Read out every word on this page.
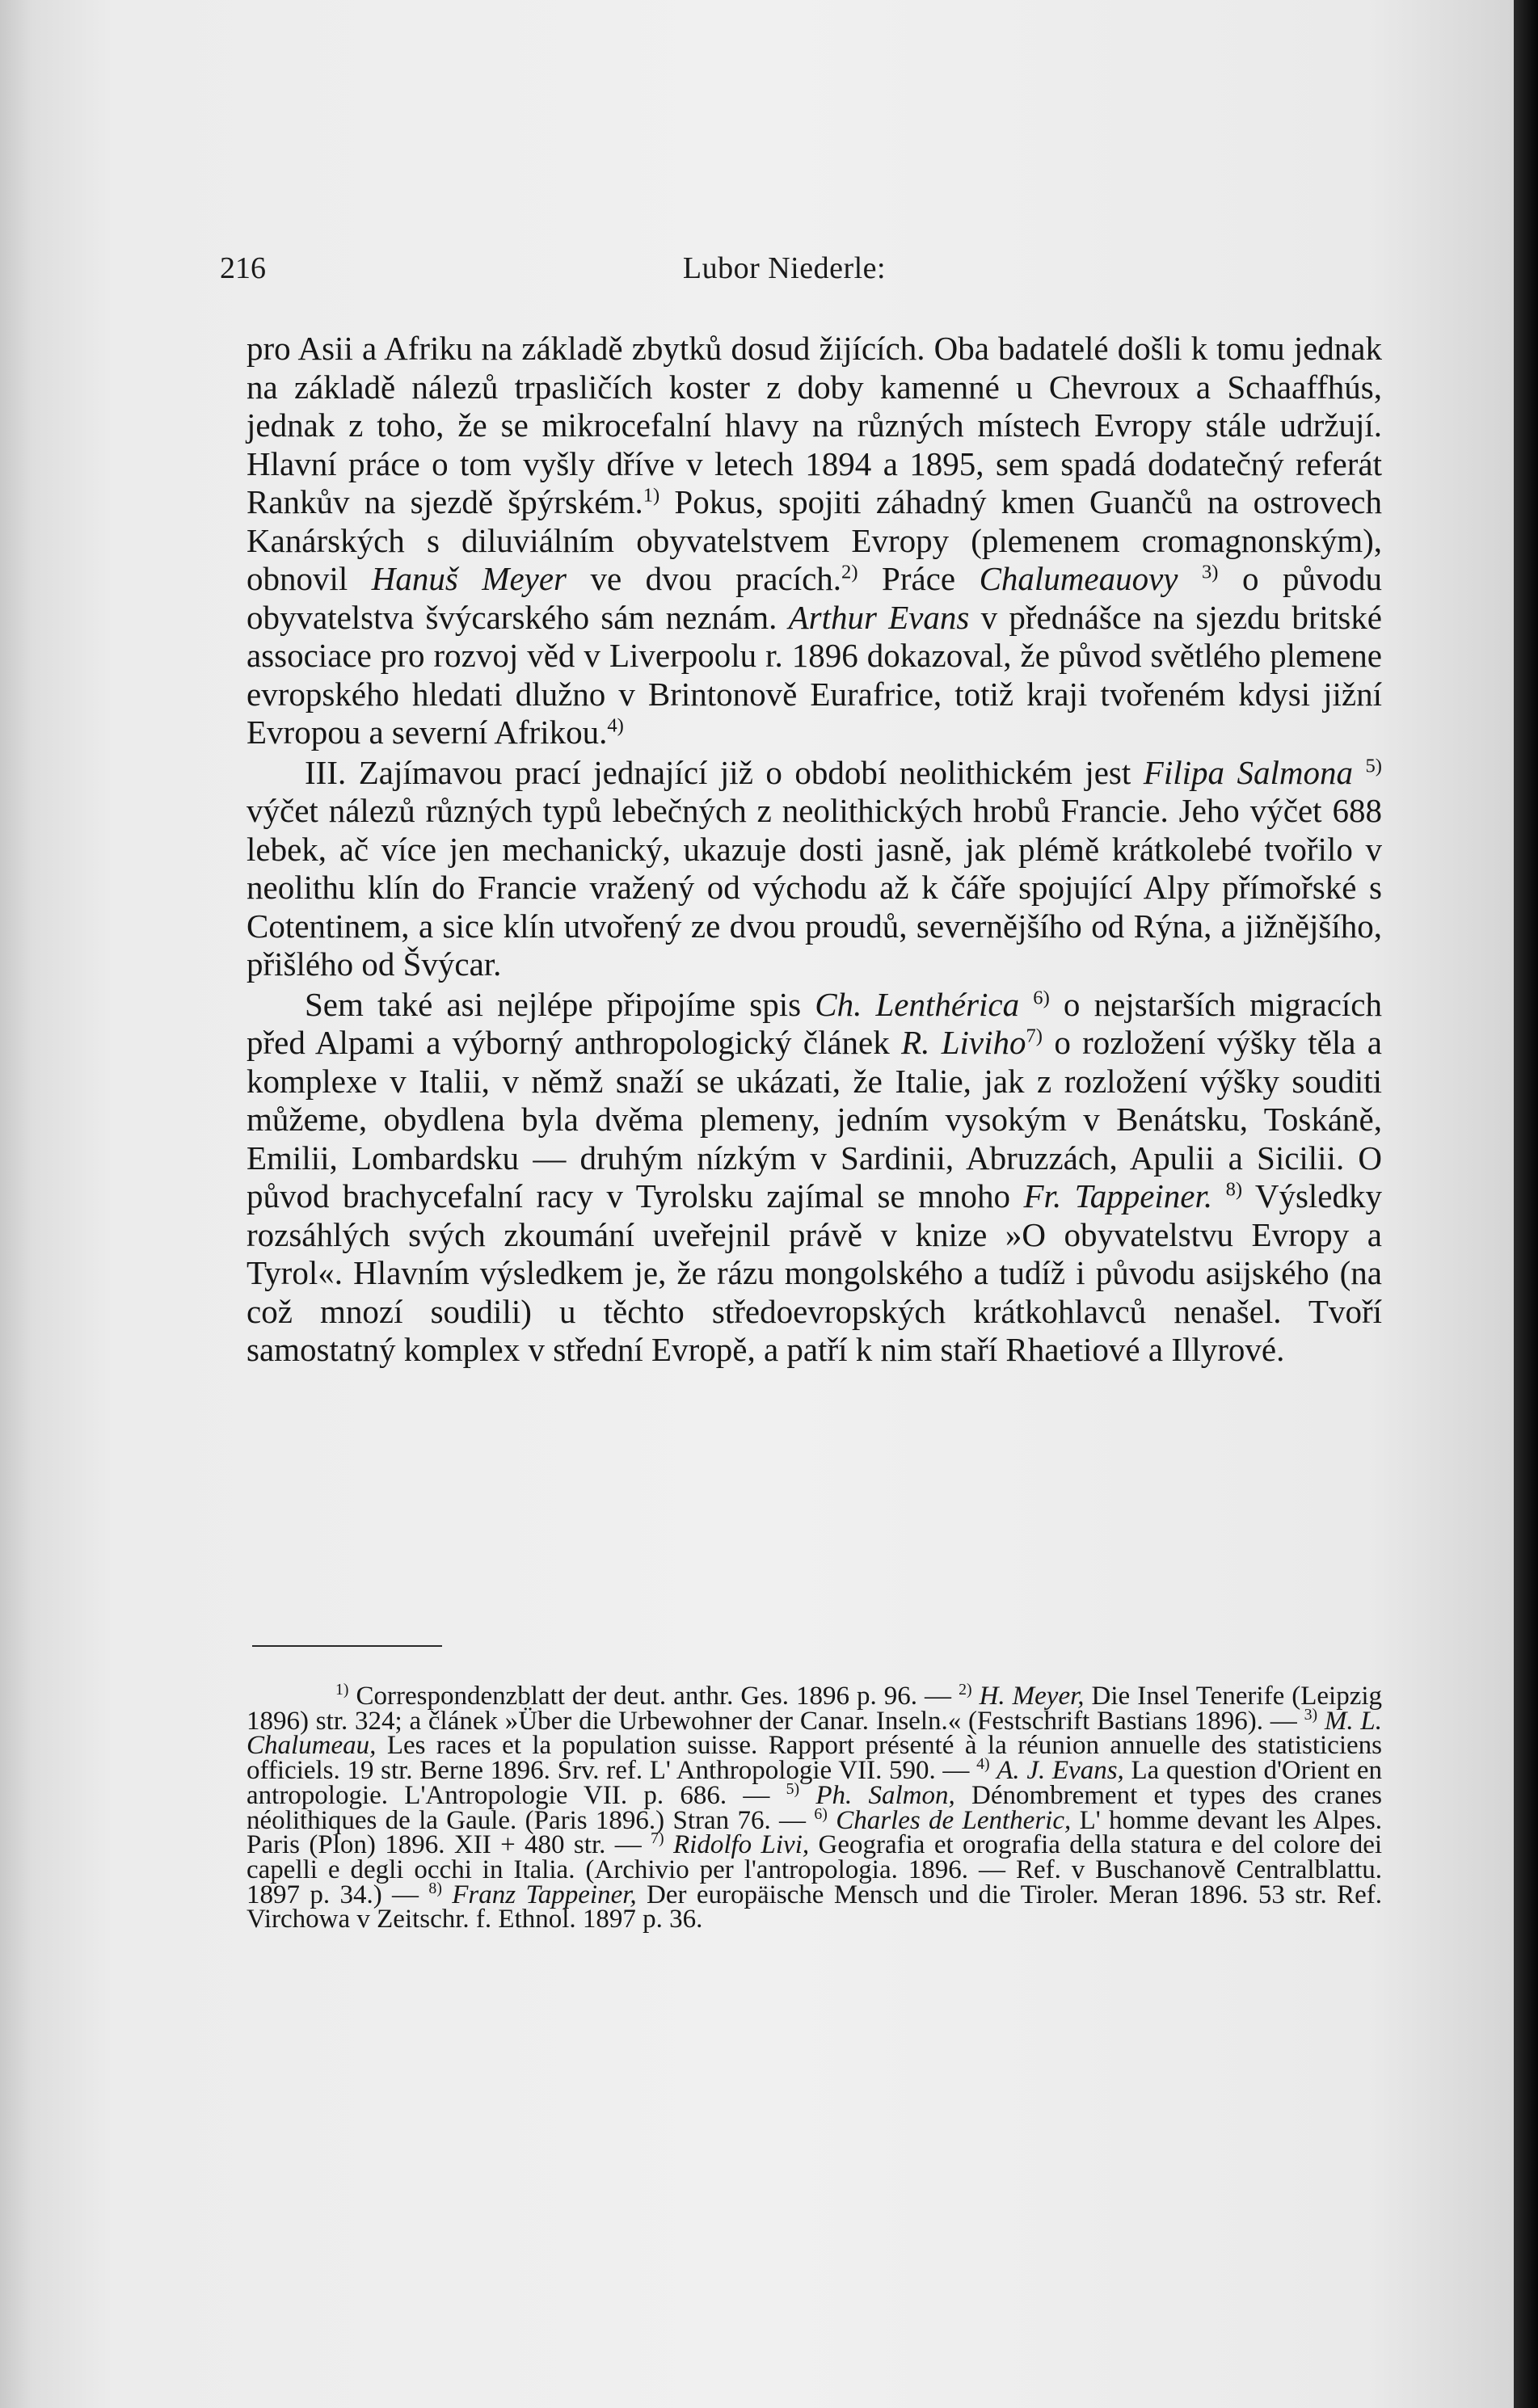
216	Lubor Niederle:

pro Asii a Afriku na základě zbytků dosud žijících. Oba badatelé došli k tomu jednak na základě nálezů trpasličích koster z doby kamenné u Chevroux a Schaaffhús, jednak z toho, že se mikrocefalní hlavy na různých místech Evropy stále udržují. Hlavní práce o tom vyšly dříve v letech 1894 a 1895, sem spadá dodatečný referát Rankův na sjezdě špýrském.$^{1)}$ Pokus, spojiti záhadný kmen Guančů na ostrovech Kanárských s diluviálním obyvatelstvem Evropy (plemenem cromagnonským), obnovil Hanuš Meyer ve dvou pracích.$^{2)}$ Práce Chalumeauovy $^{3)}$ o původu obyvatelstva švýcarského sám neznám. Arthur Evans v přednášce na sjezdu britské associace pro rozvoj věd v Liverpoolu r. 1896 dokazoval, že původ světlého plemene evropského hledati dlužno v Brintonově Eurafrice, totiž kraji tvořeném kdysi jižní Evropou a severní Afrikou.$^{4)}$

III. Zajímavou prací jednající již o období neolithickém jest Filipa Salmona $^{5)}$ výčet nálezů různých typů lebečných z neolithických hrobů Francie. Jeho výčet 688 lebek, ač více jen mechanický, ukazuje dosti jasně, jak plémě krátkolebé tvořilo v neolithu klín do Francie vražený od východu až k čáře spojující Alpy přímořské s Cotentinem, a sice klín utvořený ze dvou proudů, severnějšího od Rýna, a jižnějšího, přišlého od Švýcar.

Sem také asi nejlépe připojíme spis Ch. Lenthérica $^{6)}$ o nejstarších migracích před Alpami a výborný anthropologický článek R. Liviho$^{7)}$ o rozložení výšky těla a komplexe v Italii, v němž snaží se ukázati, že Italie, jak z rozložení výšky souditi můžeme, obydlena byla dvěma plemeny, jedním vysokým v Benátsku, Toskáně, Emilii, Lombardsku — druhým nízkým v Sardinii, Abruzzách, Apulii a Sicilii. O původ brachycefalní racy v Tyrolsku zajímal se mnoho Fr. Tappeiner. $^{8)}$ Výsledky rozsáhlých svých zkoumání uveřejnil právě v knize »O obyvatelstvu Evropy a Tyrol«. Hlavním výsledkem je, že rázu mongolského a tudíž i původu asijského (na což mnozí soudili) u těchto středoevropských krátkohlavců nenašel. Tvoří samostatný komplex v střední Evropě, a patří k nim staří Rhaetiové a Illyrové.

$^{1)}$ Correspondenzblatt der deut. anthr. Ges. 1896 p. 96. — $^{2)}$ H. Meyer, Die Insel Tenerife (Leipzig 1896) str. 324; a článek »Über die Urbewohner der Canar. Inseln.« (Festschrift Bastians 1896). — $^{3)}$ M. L. Chalumeau, Les races et la population suisse. Rapport présenté à la réunion annuelle des statisticiens officiels. 19 str. Berne 1896. Srv. ref. L' Anthropologie VII. 590. — $^{4)}$ A. J. Evans, La question d'Orient en antropologie. L'Antropologie VII. p. 686. — $^{5)}$ Ph. Salmon, Dénombrement et types des cranes néolithiques de la Gaule. (Paris 1896.) Stran 76. — $^{6)}$ Charles de Lentheric, L' homme devant les Alpes. Paris (Plon) 1896. XII + 480 str. — $^{7)}$ Ridolfo Livi, Geografia et orografia della statura e del colore dei capelli e degli occhi in Italia. (Archivio per l'antropologia. 1896. — Ref. v Buschanově Centralblattu. 1897 p. 34.) — $^{8)}$ Franz Tappeiner, Der europäische Mensch und die Tiroler. Meran 1896. 53 str. Ref. Virchowa v Zeitschr. f. Ethnol. 1897 p. 36.
